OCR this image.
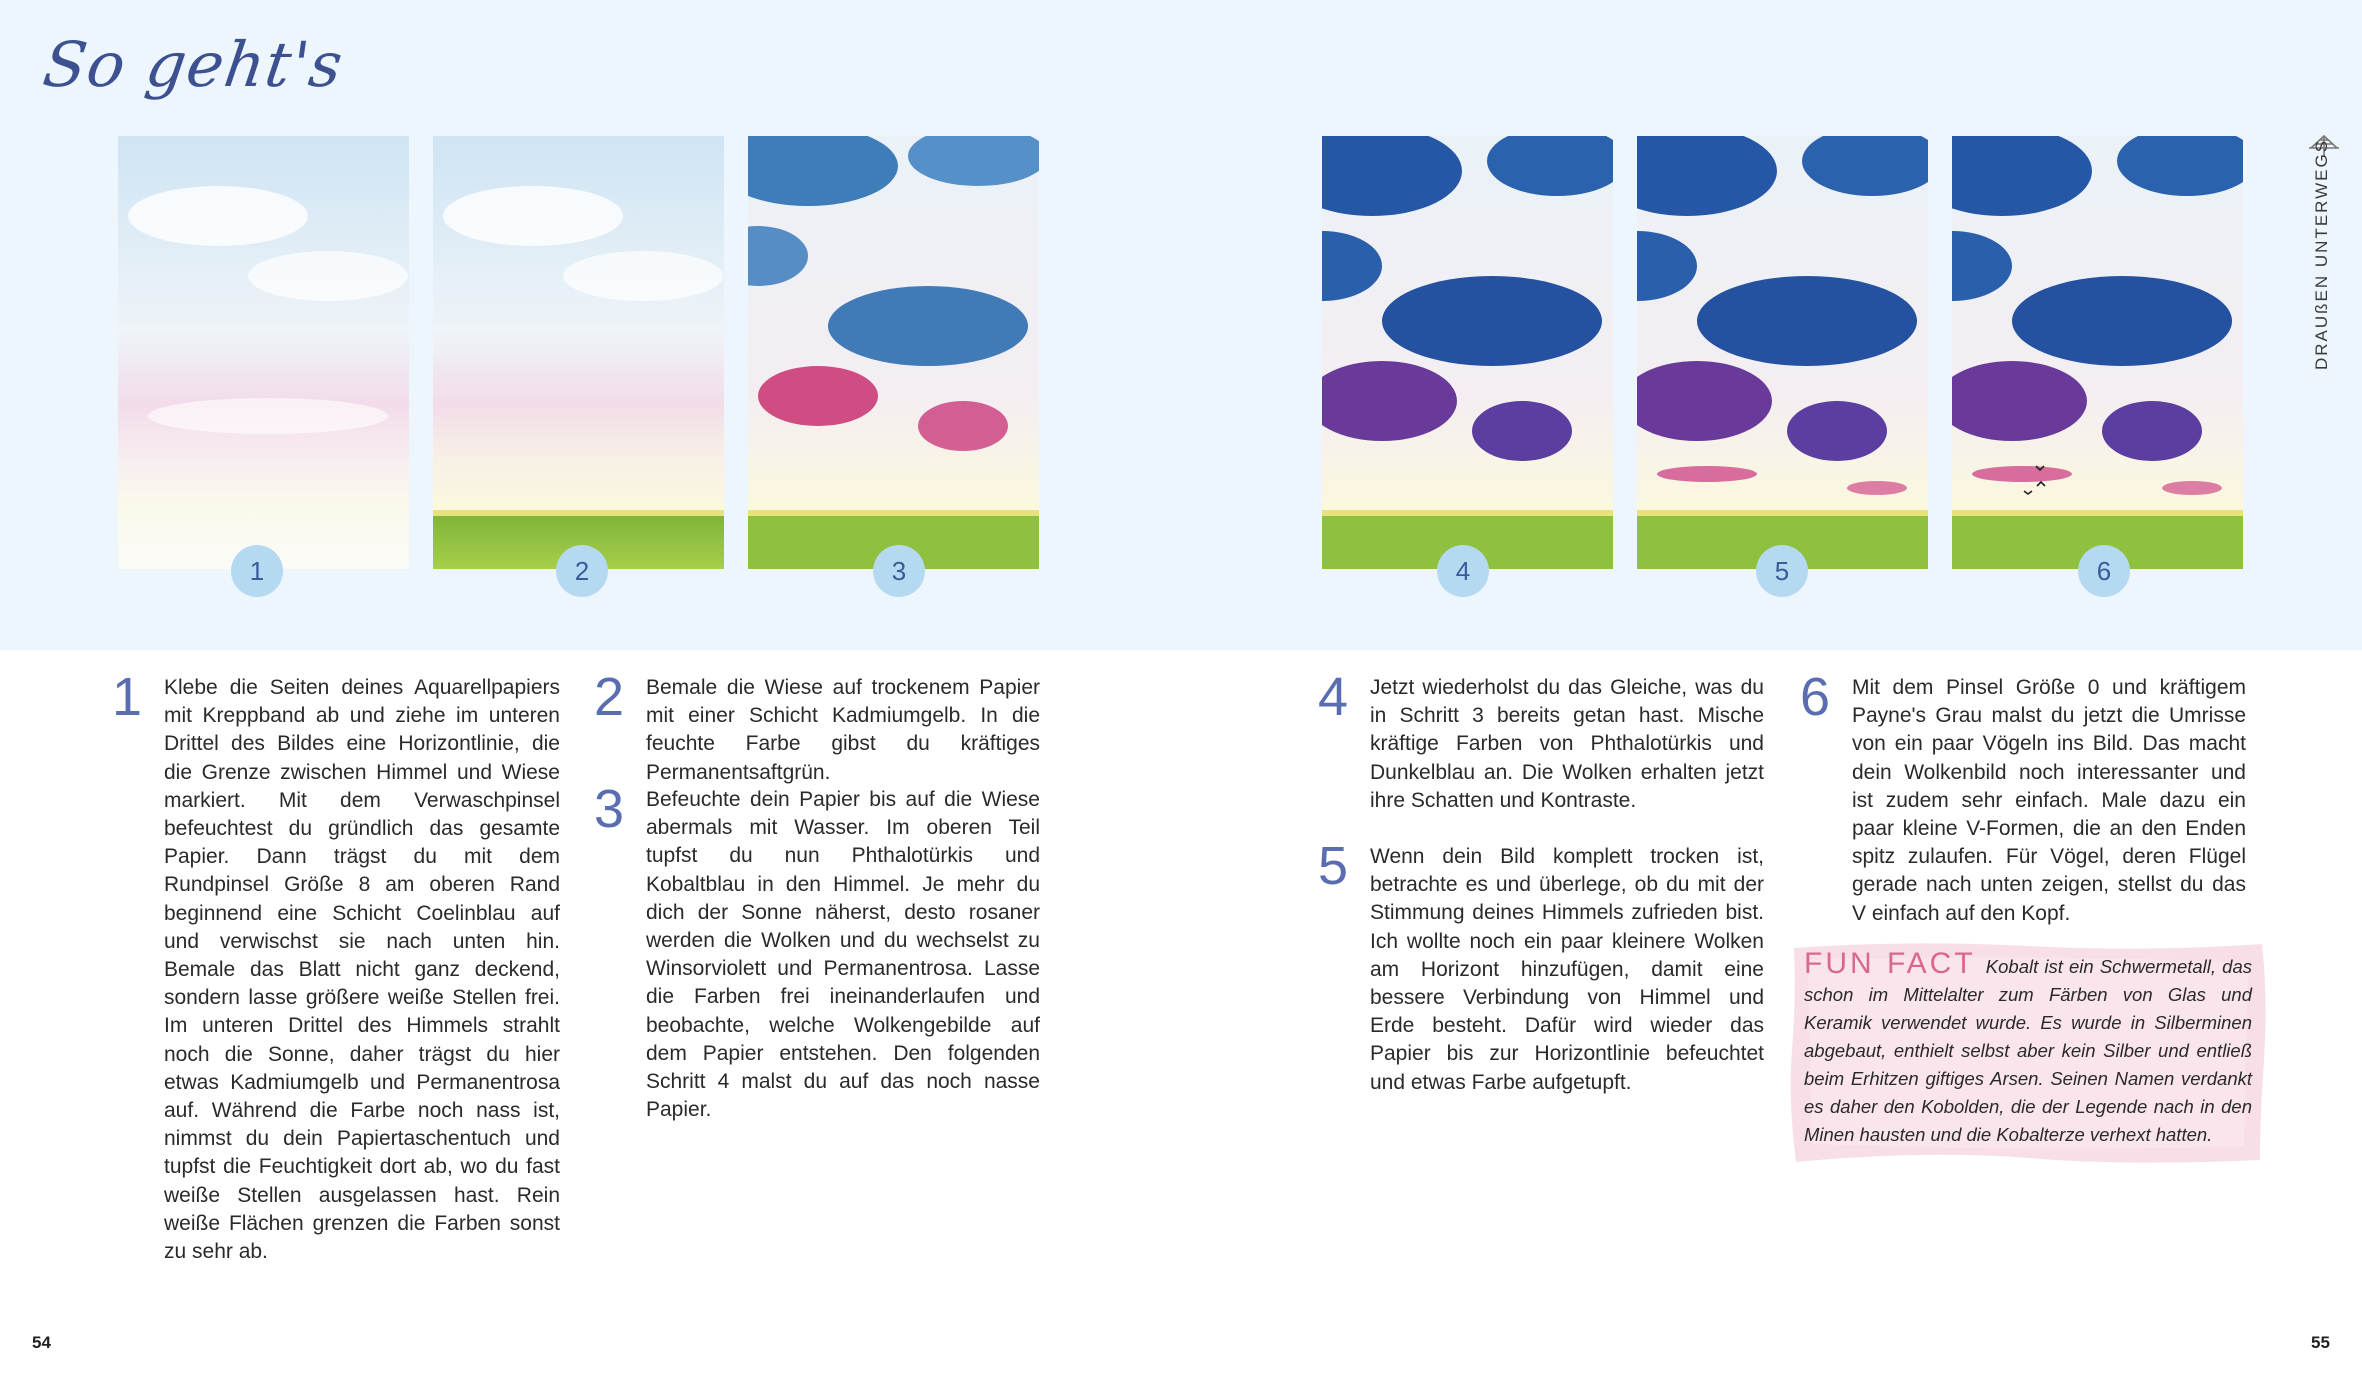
So geht's
DRAUßEN UNTERWEGS
1	2	3	4	5	6
1 Klebe die Seiten deines Aquarellpapiers mit Kreppband ab und ziehe im unteren Drittel des Bildes eine Horizontlinie, die die Grenze zwischen Himmel und Wiese markiert. Mit dem Verwaschpinsel befeuchtest du gründlich das gesamte Papier. Dann trägst du mit dem Rundpinsel Größe 8 am oberen Rand beginnend eine Schicht Coelinblau auf und verwischst sie nach unten hin. Bemale das Blatt nicht ganz deckend, sondern lasse größere weiße Stellen frei. Im unteren Drittel des Himmels strahlt noch die Sonne, daher trägst du hier etwas Kadmiumgelb und Permanentrosa auf. Während die Farbe noch nass ist, nimmst du dein Papiertaschentuch und tupfst die Feuchtigkeit dort ab, wo du fast weiße Stellen ausgelassen hast. Rein weiße Flächen grenzen die Farben sonst zu sehr ab.
2 Bemale die Wiese auf trockenem Papier mit einer Schicht Kadmiumgelb. In die feuchte Farbe gibst du kräftiges Permanentsaftgrün.
3 Befeuchte dein Papier bis auf die Wiese abermals mit Wasser. Im oberen Teil tupfst du nun Phthalotürkis und Kobaltblau in den Himmel. Je mehr du dich der Sonne näherst, desto rosaner werden die Wolken und du wechselst zu Winsorviolett und Permanentrosa. Lasse die Farben frei ineinanderlaufen und beobachte, welche Wolkengebilde auf dem Papier entstehen. Den folgenden Schritt 4 malst du auf das noch nasse Papier.
4 Jetzt wiederholst du das Gleiche, was du in Schritt 3 bereits getan hast. Mische kräftige Farben von Phthalotürkis und Dunkelblau an. Die Wolken erhalten jetzt ihre Schatten und Kontraste.
5 Wenn dein Bild komplett trocken ist, betrachte es und überlege, ob du mit der Stimmung deines Himmels zufrieden bist. Ich wollte noch ein paar kleinere Wolken am Horizont hinzufügen, damit eine bessere Verbindung von Himmel und Erde besteht. Dafür wird wieder das Papier bis zur Horizontlinie befeuchtet und etwas Farbe aufgetupft.
6 Mit dem Pinsel Größe 0 und kräftigem Payne's Grau malst du jetzt die Umrisse von ein paar Vögeln ins Bild. Das macht dein Wolkenbild noch interessanter und ist zudem sehr einfach. Male dazu ein paar kleine V-Formen, die an den Enden spitz zulaufen. Für Vögel, deren Flügel gerade nach unten zeigen, stellst du das V einfach auf den Kopf.
FUN FACT Kobalt ist ein Schwermetall, das schon im Mittelalter zum Färben von Glas und Keramik verwendet wurde. Es wurde in Silberminen abgebaut, enthielt selbst aber kein Silber und entließ beim Erhitzen giftiges Arsen. Seinen Namen verdankt es daher den Kobolden, die der Legende nach in den Minen hausten und die Kobalterze verhext hatten.
54	55
